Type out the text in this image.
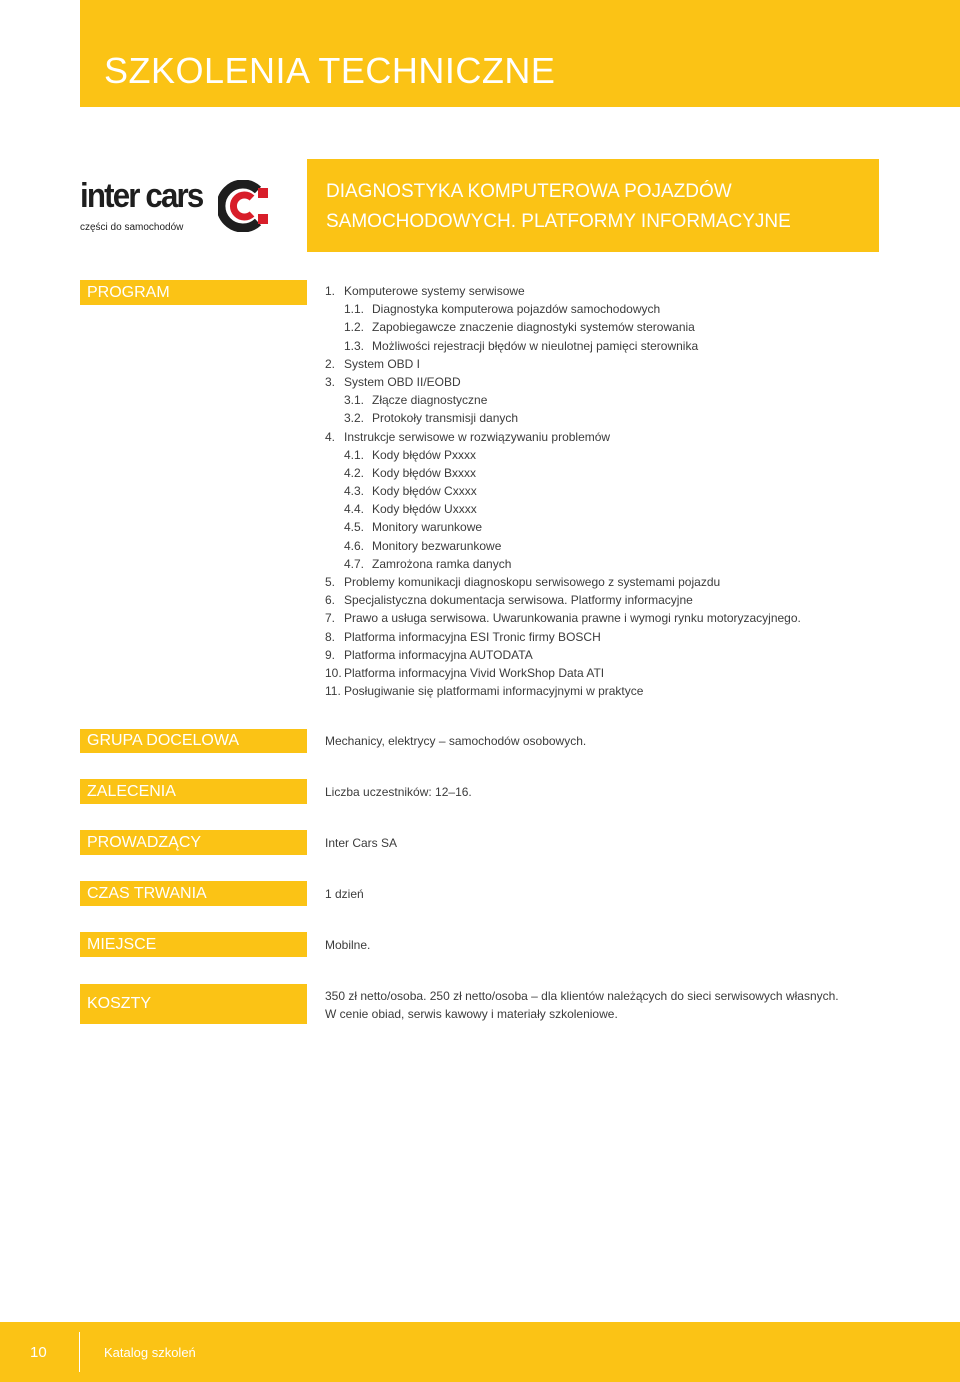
SZKOLENIA TECHNICZNE
inter cars
części do samochodów
DIAGNOSTYKA KOMPUTEROWA POJAZDÓW
SAMOCHODOWYCH. PLATFORMY INFORMACYJNE
PROGRAM	1. Komputerowe systemy serwisowe
1.1. Diagnostyka komputerowa pojazdów samochodowych
1.2. Zapobiegawcze znaczenie diagnostyki systemów sterowania
1.3. Możliwości rejestracji błędów w nieulotnej pamięci sterownika
2. System OBD I
3. System OBD II/EOBD
3.1. Złącze diagnostyczne
3.2. Protokoły transmisji danych
4. Instrukcje serwisowe w rozwiązywaniu problemów
4.1. Kody błędów Pxxxx
4.2. Kody błędów Bxxxx
4.3. Kody błędów Cxxxx
4.4. Kody błędów Uxxxx
4.5. Monitory warunkowe
4.6. Monitory bezwarunkowe
4.7. Zamrożona ramka danych
5. Problemy komunikacji diagnoskopu serwisowego z systemami pojazdu
6. Specjalistyczna dokumentacja serwisowa. Platformy informacyjne
7. Prawo a usługa serwisowa. Uwarunkowania prawne i wymogi rynku motoryzacyjnego.
8. Platforma informacyjna ESI Tronic firmy BOSCH
9. Platforma informacyjna AUTODATA
10. Platforma informacyjna Vivid WorkShop Data ATI
11. Posługiwanie się platformami informacyjnymi w praktyce
GRUPA DOCELOWA	Mechanicy, elektrycy – samochodów osobowych.
ZALECENIA	Liczba uczestników: 12–16.
PROWADZĄCY	Inter Cars SA
CZAS TRWANIA	1 dzień
MIEJSCE	Mobilne.
KOSZTY	350 zł netto/osoba. 250 zł netto/osoba – dla klientów należących do sieci serwisowych własnych.
W cenie obiad, serwis kawowy i materiały szkoleniowe.
10	Katalog szkoleń
